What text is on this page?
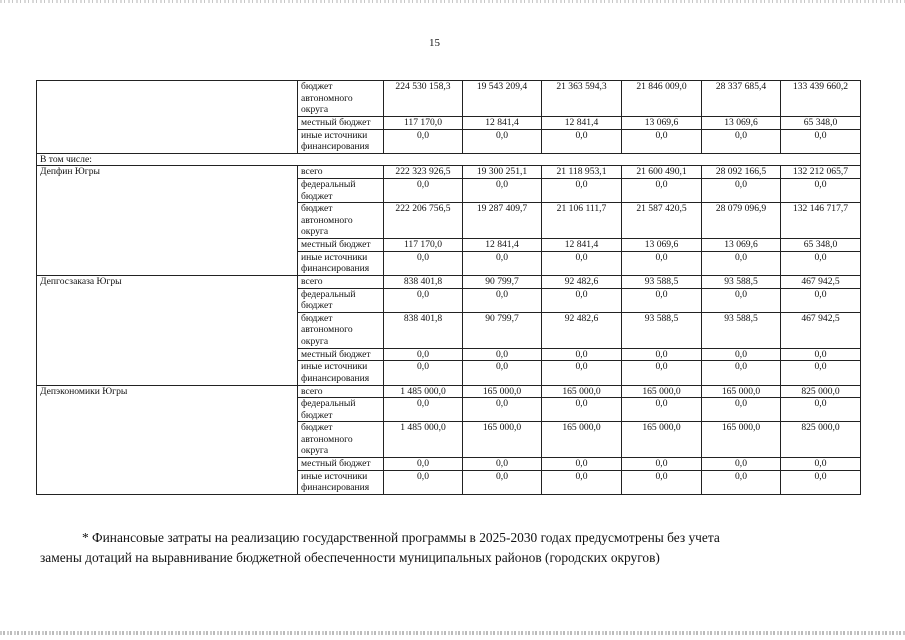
15
	бюджет автономного округа	224 530 158,3	19 543 209,4	21 363 594,3	21 846 009,0	28 337 685,4	133 439 660,2
	местный бюджет	117 170,0	12 841,4	12 841,4	13 069,6	13 069,6	65 348,0
	иные источники финансирования	0,0	0,0	0,0	0,0	0,0	0,0
В том числе:							
Депфин Югры	всего	222 323 926,5	19 300 251,1	21 118 953,1	21 600 490,1	28 092 166,5	132 212 065,7
	федеральный бюджет	0,0	0,0	0,0	0,0	0,0	0,0
	бюджет автономного округа	222 206 756,5	19 287 409,7	21 106 111,7	21 587 420,5	28 079 096,9	132 146 717,7
	местный бюджет	117 170,0	12 841,4	12 841,4	13 069,6	13 069,6	65 348,0
	иные источники финансирования	0,0	0,0	0,0	0,0	0,0	0,0
Депгосзаказа Югры	всего	838 401,8	90 799,7	92 482,6	93 588,5	93 588,5	467 942,5
	федеральный бюджет	0,0	0,0	0,0	0,0	0,0	0,0
	бюджет автономного округа	838 401,8	90 799,7	92 482,6	93 588,5	93 588,5	467 942,5
	местный бюджет	0,0	0,0	0,0	0,0	0,0	0,0
	иные источники финансирования	0,0	0,0	0,0	0,0	0,0	0,0
Депэкономики Югры	всего	1 485 000,0	165 000,0	165 000,0	165 000,0	165 000,0	825 000,0
	федеральный бюджет	0,0	0,0	0,0	0,0	0,0	0,0
	бюджет автономного округа	1 485 000,0	165 000,0	165 000,0	165 000,0	165 000,0	825 000,0
	местный бюджет	0,0	0,0	0,0	0,0	0,0	0,0
	иные источники финансирования	0,0	0,0	0,0	0,0	0,0	0,0
* Финансовые затраты на реализацию государственной программы в 2025-2030 годах предусмотрены без учета
замены дотаций на выравнивание бюджетной обеспеченности муниципальных районов (городских округов)
